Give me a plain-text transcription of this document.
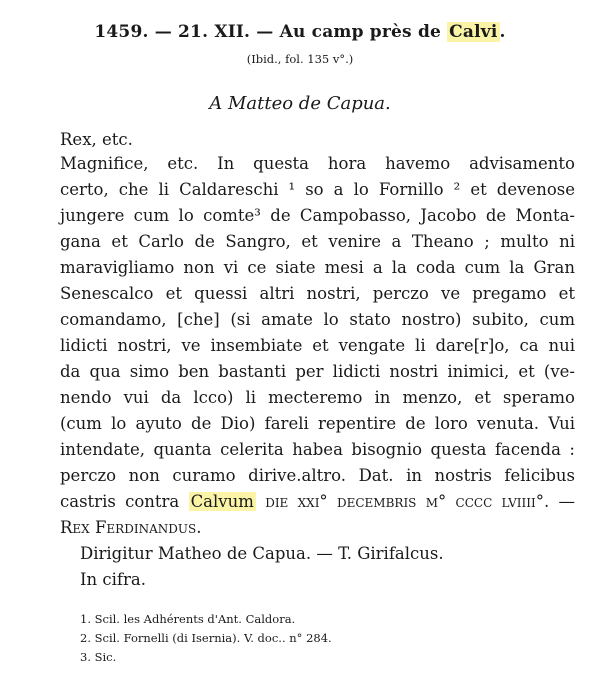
1459. — 21. XII. — Au camp près de Calvi .
(Ibid., fol. 135 v°.)
A Matteo de Capua.
Rex, etc.
Magnifice, etc. In questa hora havemo advisamento
certo, che li Caldareschi ¹ so a lo Fornillo ² et devenose
jungere cum lo comte³ de Campobasso, Jacobo de Monta-
gana et Carlo de Sangro, et venire a Theano ; multo ni
maravigliamo non vi ce siate mesi a la coda cum la Gran
Senescalco et quessi altri nostri, perczo ve pregamo et
comandamo, [che] (si amate lo stato nostro) subito, cum
lidicti nostri, ve insembiate et vengate li dare[r]o, ca nui
da qua simo ben bastanti per lidicti nostri inimici, et (ve-
nendo vui da lcco) li mecteremo in menzo, et speramo
(cum lo ayuto de Dio) fareli repentire de loro venuta. Vui
intendate, quanta celerita habea bisognio questa facenda :
perczo non curamo dirive.altro. Dat. in nostris felicibus
castris contra Calvum die xxi° decembris m° cccc lviiii°. —
Rex Ferdinandus.
Dirigitur Matheo de Capua. — T. Girifalcus.
In cifra.
1. Scil. les Adhérents d'Ant. Caldora.
2. Scil. Fornelli (di Isernia). V. doc.. n° 284.
3. Sic.
